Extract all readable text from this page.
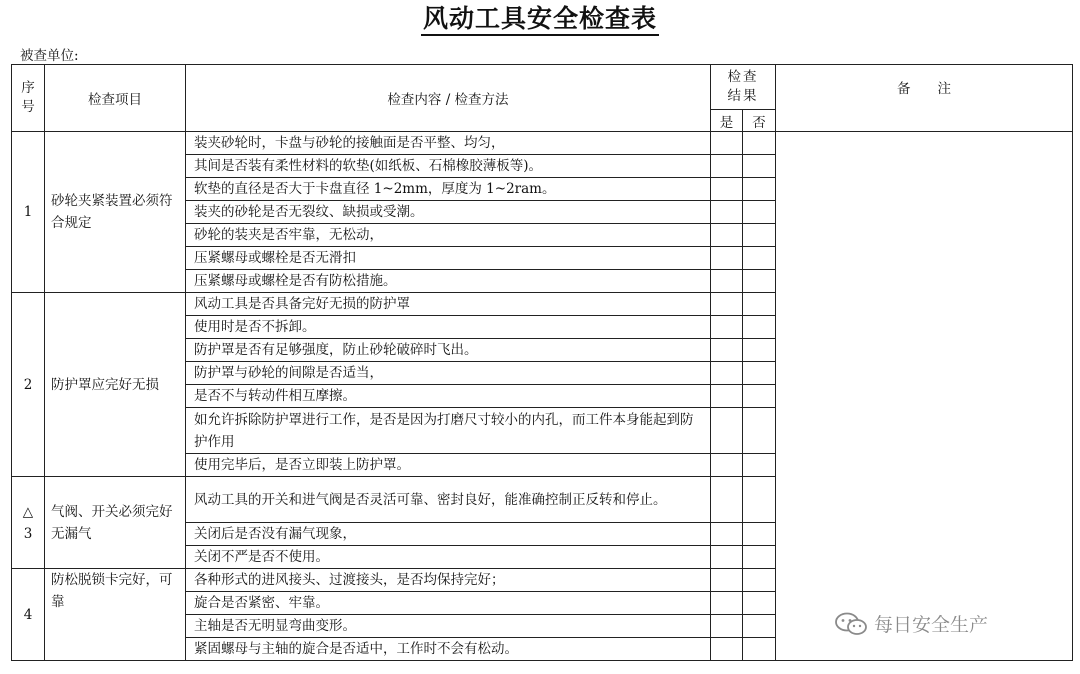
风动工具安全检查表
被查单位:
序号	检查项目	检查内容 / 检查方法	检查结果		备　　注
			是	否	
1	砂轮夹紧装置必须符合规定	装夹砂轮时，卡盘与砂轮的接触面是否平整、均匀，			
		其间是否装有柔性材料的软垫(如纸板、石棉橡胶薄板等)。			
		软垫的直径是否大于卡盘直径 1~2mm，厚度为 1~2ram。			
		装夹的砂轮是否无裂纹、缺损或受潮。			
		砂轮的装夹是否牢靠，无松动，			
		压紧螺母或螺栓是否无滑扣			
		压紧螺母或螺栓是否有防松措施。			
2	防护罩应完好无损	风动工具是否具备完好无损的防护罩			
		使用时是否不拆卸。			
		防护罩是否有足够强度，防止砂轮破碎时飞出。			
		防护罩与砂轮的间隙是否适当，			
		是否不与转动件相互摩擦。			
		如允许拆除防护罩进行工作，是否是因为打磨尺寸较小的内孔，而工件本身能起到防护作用			
		使用完毕后，是否立即装上防护罩。			
△
3	气阀、开关必须完好无漏气	风动工具的开关和进气阀是否灵活可靠、密封良好，能准确控制正反转和停止。			
		关闭后是否没有漏气现象，			
		关闭不严是否不使用。			
4	防松脱锁卡完好，可靠	各种形式的进风接头、过渡接头，是否均保持完好；			
		旋合是否紧密、牢靠。			
		主轴是否无明显弯曲变形。			
		紧固螺母与主轴的旋合是否适中，工作时不会有松动。			
每日安全生产
